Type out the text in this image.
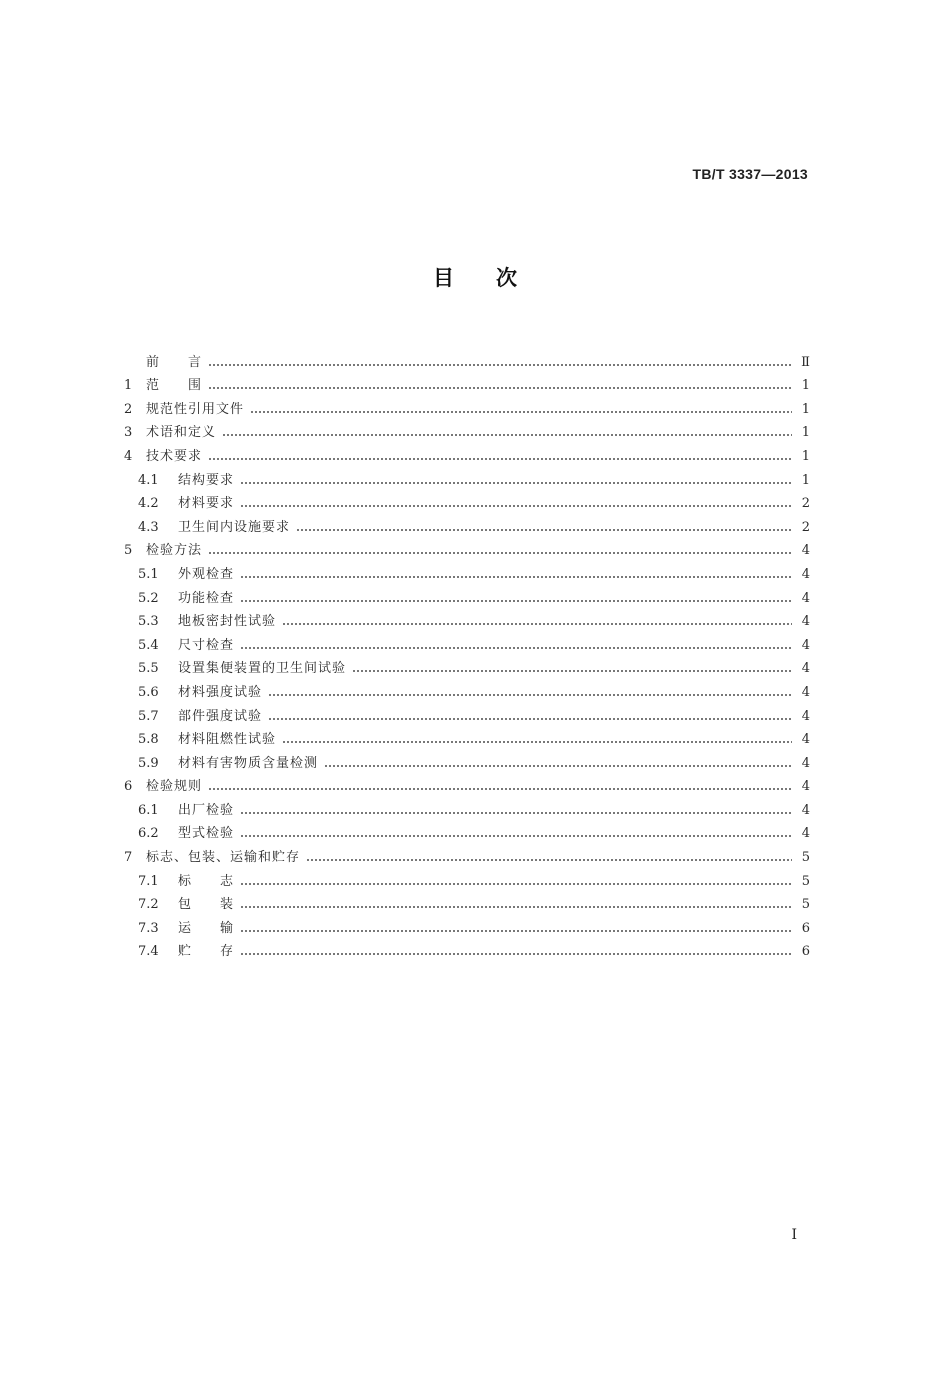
TB/T 3337—2013
目次
前　　言	Ⅱ
1	范　　围	1
2	规范性引用文件	1
3	术语和定义	1
4	技术要求	1
4.1	结构要求	1
4.2	材料要求	2
4.3	卫生间内设施要求	2
5	检验方法	4
5.1	外观检查	4
5.2	功能检查	4
5.3	地板密封性试验	4
5.4	尺寸检查	4
5.5	设置集便装置的卫生间试验	4
5.6	材料强度试验	4
5.7	部件强度试验	4
5.8	材料阻燃性试验	4
5.9	材料有害物质含量检测	4
6	检验规则	4
6.1	出厂检验	4
6.2	型式检验	4
7	标志、包装、运输和贮存	5
7.1	标　　志	5
7.2	包　　装	5
7.3	运　　输	6
7.4	贮　　存	6
Ⅰ
